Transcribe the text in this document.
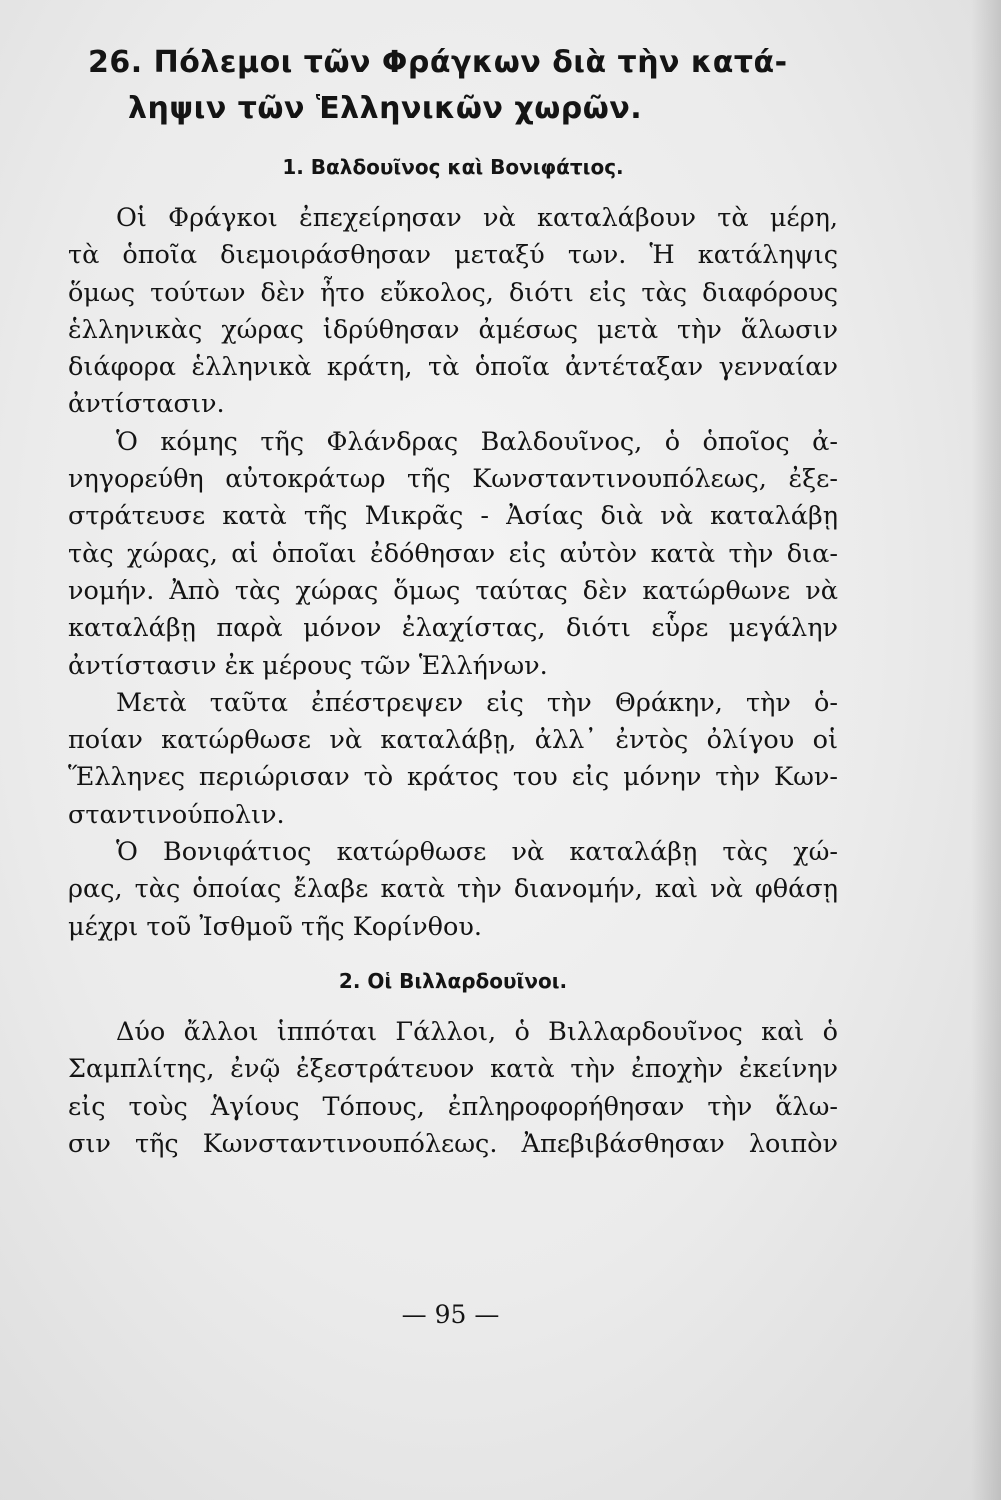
26. Πόλεμοι τῶν Φράγκων διὰ τὴν κατά-
ληψιν τῶν Ἑλληνικῶν χωρῶν.
1. Βαλδουῖνος καὶ Βονιφάτιος.

Οἱ Φράγκοι ἐπεχείρησαν νὰ καταλάβουν τὰ μέρη,
τὰ ὁποῖα διεμοιράσθησαν μεταξύ των. Ἡ κατάληψις
ὅμως τούτων δὲν ἦτο εὔκολος, διότι εἰς τὰς διαφόρους
ἑλληνικὰς χώρας ἱδρύθησαν ἀμέσως μετὰ τὴν ἅλωσιν
διάφορα ἑλληνικὰ κράτη, τὰ ὁποῖα ἀντέταξαν γενναίαν
ἀντίστασιν.

Ὁ κόμης τῆς Φλάνδρας Βαλδουῖνος, ὁ ὁποῖος ἀ-
νηγορεύθη αὐτοκράτωρ τῆς Κωνσταντινουπόλεως, ἐξε-
στράτευσε κατὰ τῆς Μικρᾶς - Ἀσίας διὰ νὰ καταλάβῃ
τὰς χώρας, αἱ ὁποῖαι ἐδόθησαν εἰς αὐτὸν κατὰ τὴν δια-
νομήν. Ἀπὸ τὰς χώρας ὅμως ταύτας δὲν κατώρθωνε νὰ
καταλάβῃ παρὰ μόνον ἐλαχίστας, διότι εὗρε μεγάλην
ἀντίστασιν ἐκ μέρους τῶν Ἑλλήνων.

Μετὰ ταῦτα ἐπέστρεψεν εἰς τὴν Θράκην, τὴν ὁ-
ποίαν κατώρθωσε νὰ καταλάβῃ, ἀλλ᾽ ἐντὸς ὀλίγου οἱ
Ἕλληνες περιώρισαν τὸ κράτος του εἰς μόνην τὴν Κων-
σταντινούπολιν.

Ὁ Βονιφάτιος κατώρθωσε νὰ καταλάβῃ τὰς χώ-
ρας, τὰς ὁποίας ἔλαβε κατὰ τὴν διανομήν, καὶ νὰ φθάσῃ
μέχρι τοῦ Ἰσθμοῦ τῆς Κορίνθου.

2. Οἱ Βιλλαρδουῖνοι.

Δύο ἄλλοι ἱππόται Γάλλοι, ὁ Βιλλαρδουῖνος καὶ ὁ
Σαμπλίτης, ἐνῷ ἐξεστράτευον κατὰ τὴν ἐποχὴν ἐκείνην
εἰς τοὺς Ἁγίους Τόπους, ἐπληροφορήθησαν τὴν ἅλω-
σιν τῆς Κωνσταντινουπόλεως. Ἀπεβιβάσθησαν λοιπὸν

— 95 —
